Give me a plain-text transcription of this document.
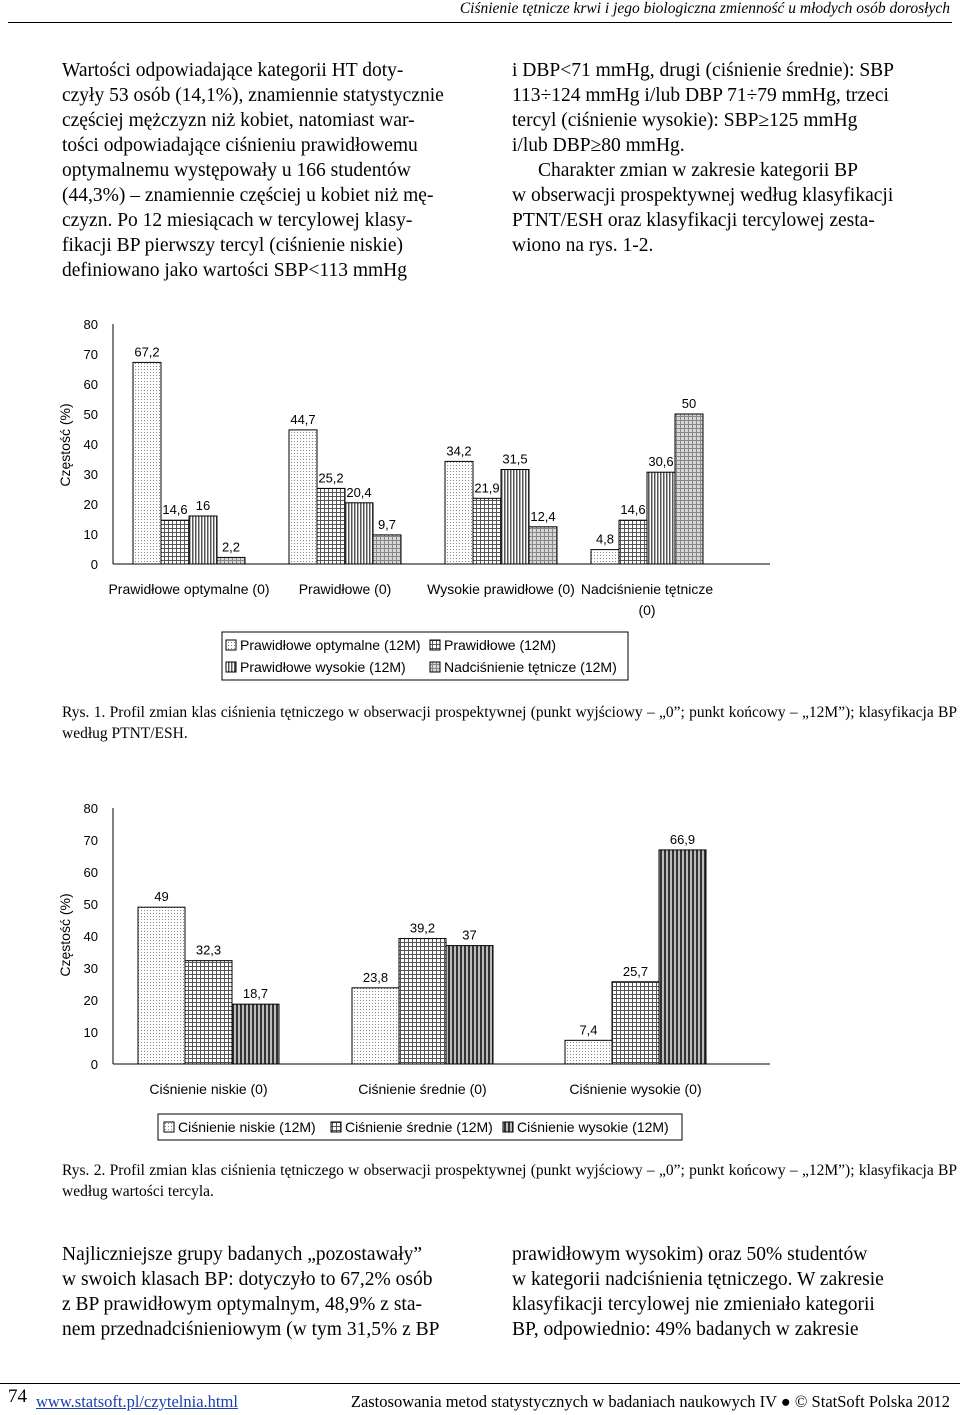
Ciśnienie tętnicze krwi i jego biologiczna zmienność u młodych osób dorosłych
Wartości odpowiadające kategorii HT doty-
czyły 53 osób (14,1%), znamiennie statystycznie
częściej mężczyzn niż kobiet, natomiast war-
tości odpowiadające ciśnieniu prawidłowemu
optymalnemu występowały u 166 studentów
(44,3%) – znamiennie częściej u kobiet niż mę-
czyzn. Po 12 miesiącach w tercylowej klasy-
fikacji BP pierwszy tercyl (ciśnienie niskie)
definiowano jako wartości SBP<113 mmHg
i DBP<71 mmHg, drugi (ciśnienie średnie): SBP
113÷124 mmHg i/lub DBP 71÷79 mmHg, trzeci
tercyl (ciśnienie wysokie): SBP≥125 mmHg
i/lub DBP≥80 mmHg.
Charakter zmian w zakresie kategorii BP
w obserwacji prospektywnej według klasyfikacji
PTNT/ESH oraz klasyfikacji tercylowej zesta-
wiono na rys. 1-2.
Częstość (%)
0
10
20
30
40
50
60
70
80
67,2
14,6 16
2,2
44,7
25,2
20,4
9,7
34,2
21,9
31,5
12,4
4,8
14,6
30,6
50
Prawidłowe optymalne (0) Prawidłowe (0)	Wysokie prawidłowe (0) Nadciśnienie tętnicze
(0)
Prawidłowe optymalne (12M) Prawidłowe (12M)
Prawidłowe wysokie (12M)	Nadciśnienie tętnicze (12M)
Rys. 1. Profil zmian klas ciśnienia tętniczego w obserwacji prospektywnej (punkt wyjściowy – „0”; punkt końcowy – „12M”); klasyfikacja BP według PTNT/ESH.
Częstość (%)
0
10
20
30
40
50
60
70
80
49
32,3
18,7
23,8
39,2 37
7,4
25,7
66,9
Ciśnienie niskie (0)	Ciśnienie średnie (0)	Ciśnienie wysokie (0)
Ciśnienie niskie (12M) Ciśnienie średnie (12M) Ciśnienie wysokie (12M)
Rys. 2. Profil zmian klas ciśnienia tętniczego w obserwacji prospektywnej (punkt wyjściowy – „0”; punkt końcowy – „12M”); klasyfikacja BP według wartości tercyla.
Najliczniejsze grupy badanych „pozostawały”
w swoich klasach BP: dotyczyło to 67,2% osób
z BP prawidłowym optymalnym, 48,9% z sta-
nem przednadciśnieniowym (w tym 31,5% z BP
prawidłowym wysokim) oraz 50% studentów
w kategorii nadciśnienia tętniczego. W zakresie
klasyfikacji tercylowej nie zmieniało kategorii
BP, odpowiednio: 49% badanych w zakresie
74 www.statsoft.pl/czytelnia.html	Zastosowania metod statystycznych w badaniach naukowych IV ● © StatSoft Polska 2012
